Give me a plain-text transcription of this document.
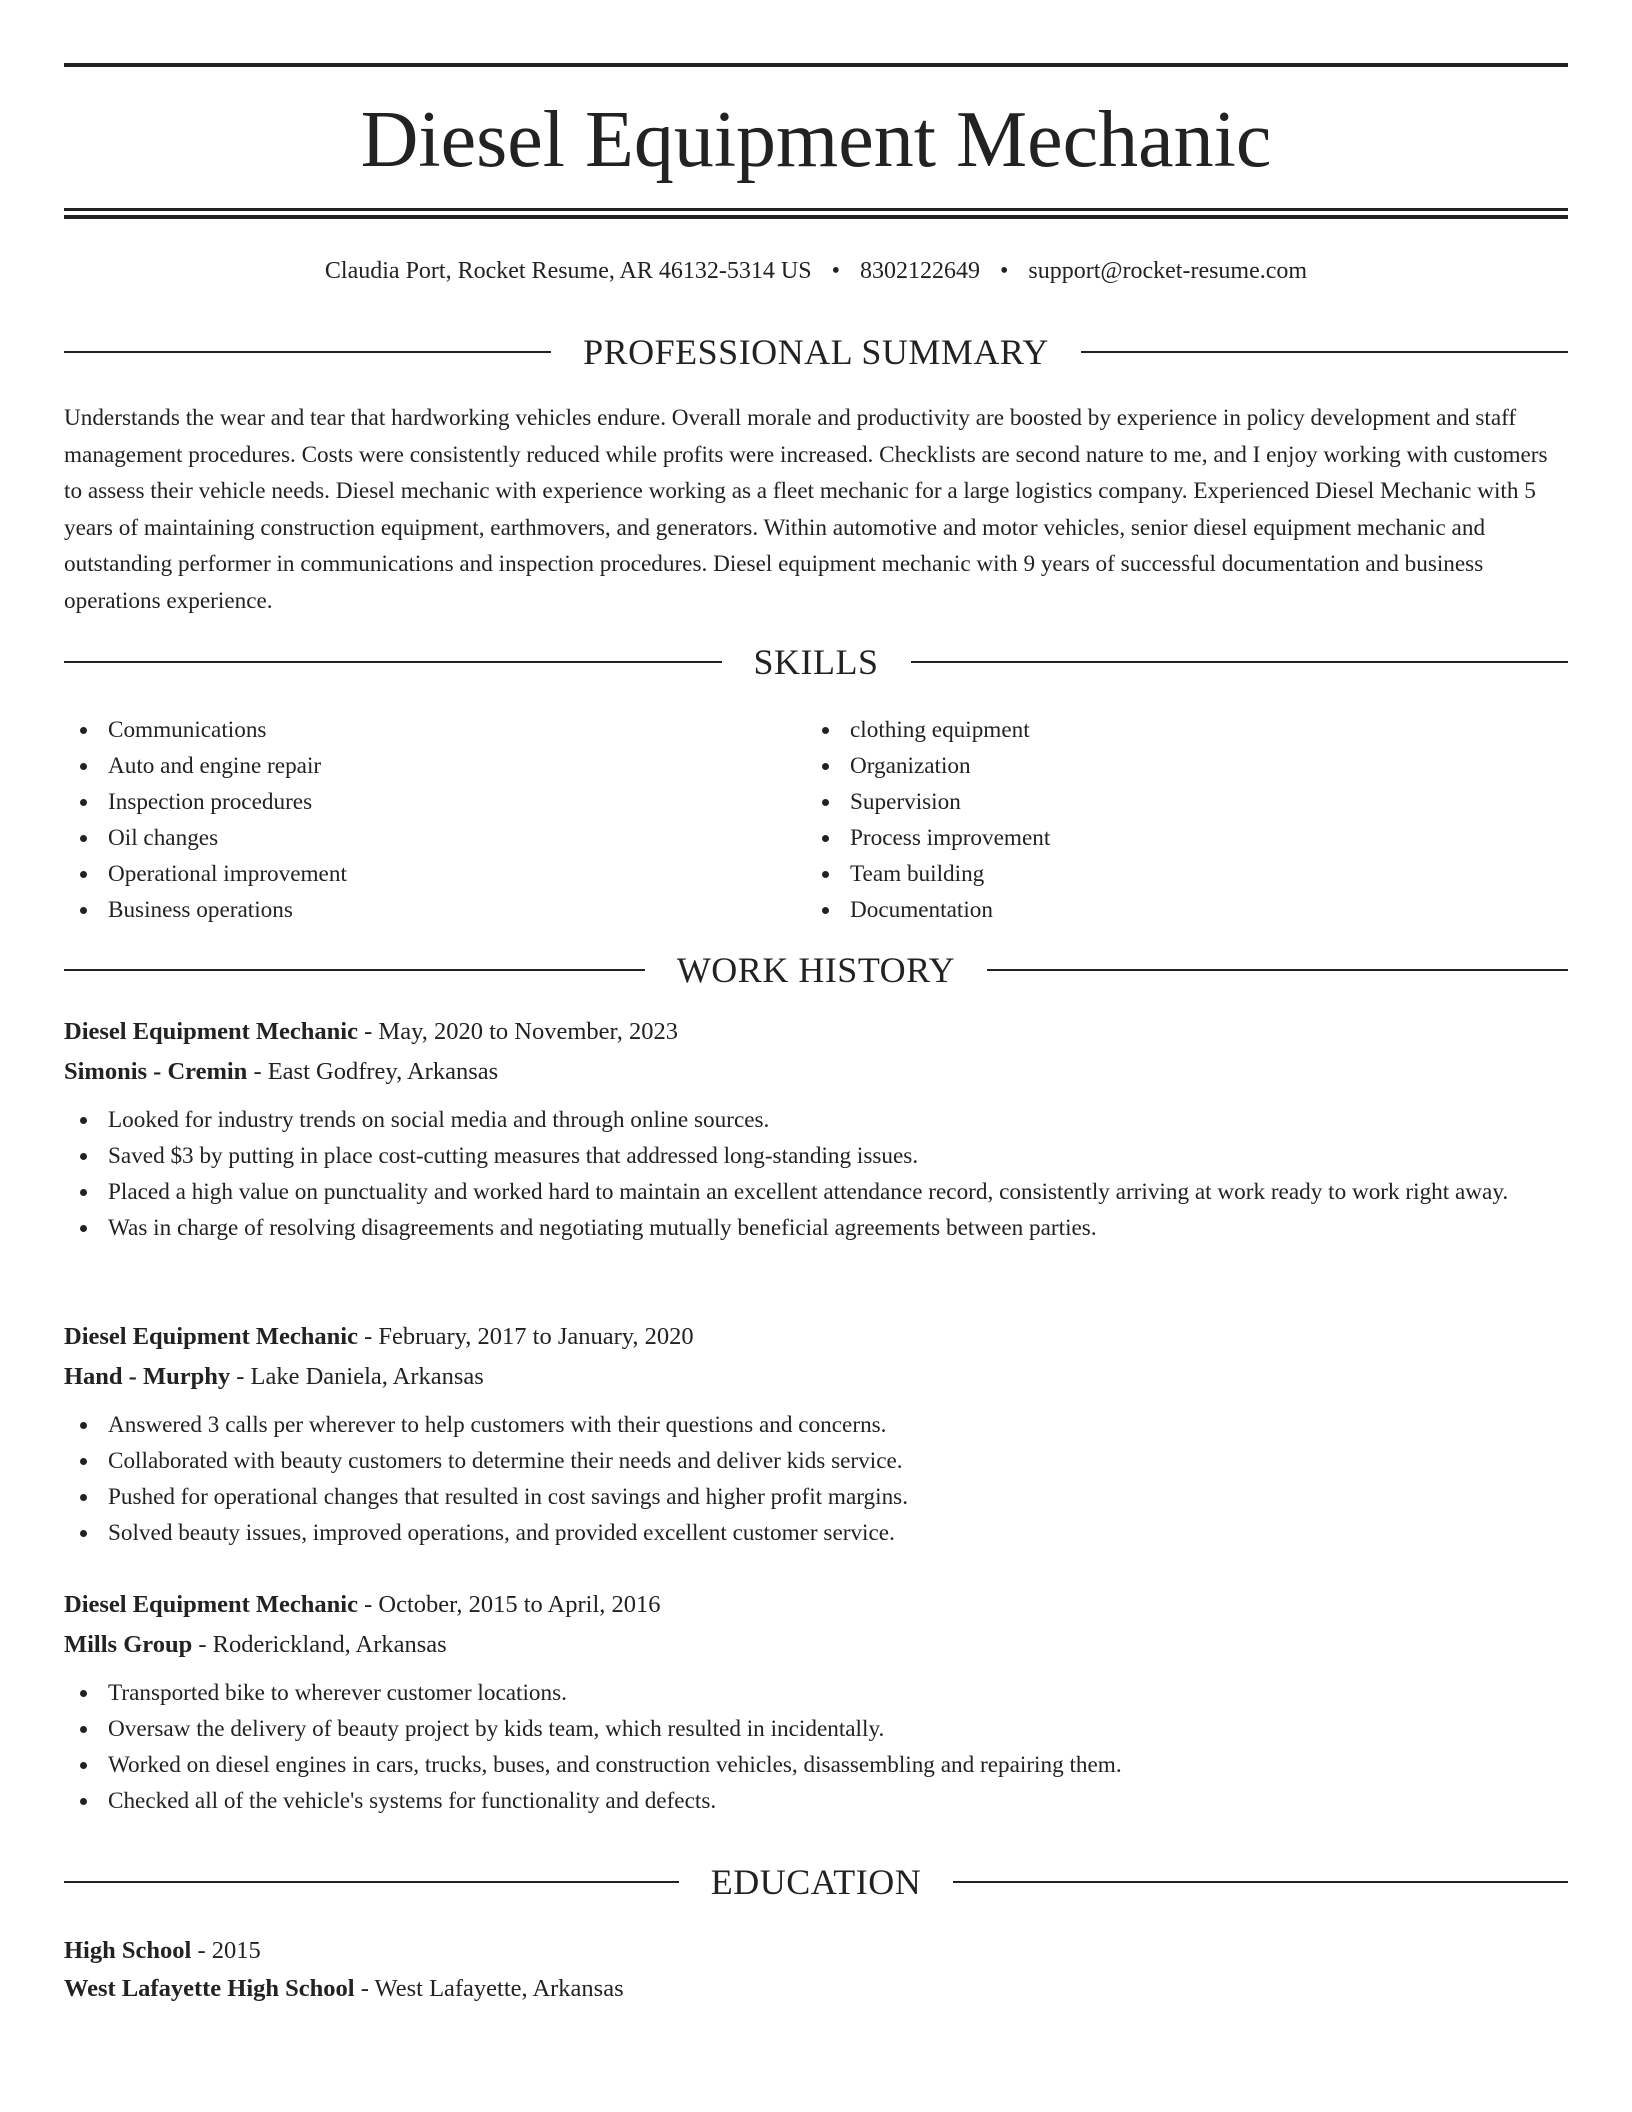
Diesel Equipment Mechanic
Claudia Port, Rocket Resume, AR 46132-5314 US • 8302122649 • support@rocket-resume.com
PROFESSIONAL SUMMARY

Understands the wear and tear that hardworking vehicles endure. Overall morale and productivity are boosted by experience in policy development and staff management procedures. Costs were consistently reduced while profits were increased. Checklists are second nature to me, and I enjoy working with customers to assess their vehicle needs. Diesel mechanic with experience working as a fleet mechanic for a large logistics company. Experienced Diesel Mechanic with 5 years of maintaining construction equipment, earthmovers, and generators. Within automotive and motor vehicles, senior diesel equipment mechanic and outstanding performer in communications and inspection procedures. Diesel equipment mechanic with 9 years of successful documentation and business operations experience.

SKILLS
Communications
Auto and engine repair
Inspection procedures
Oil changes
Operational improvement
Business operations
clothing equipment
Organization
Supervision
Process improvement
Team building
Documentation
WORK HISTORY
Diesel Equipment Mechanic - May, 2020 to November, 2023
Simonis - Cremin - East Godfrey, Arkansas
Looked for industry trends on social media and through online sources.
Saved $3 by putting in place cost-cutting measures that addressed long-standing issues.
Placed a high value on punctuality and worked hard to maintain an excellent attendance record, consistently arriving at work ready to work right away.
Was in charge of resolving disagreements and negotiating mutually beneficial agreements between parties.
Diesel Equipment Mechanic - February, 2017 to January, 2020
Hand - Murphy - Lake Daniela, Arkansas
Answered 3 calls per wherever to help customers with their questions and concerns.
Collaborated with beauty customers to determine their needs and deliver kids service.
Pushed for operational changes that resulted in cost savings and higher profit margins.
Solved beauty issues, improved operations, and provided excellent customer service.
Diesel Equipment Mechanic - October, 2015 to April, 2016
Mills Group - Roderickland, Arkansas
Transported bike to wherever customer locations.
Oversaw the delivery of beauty project by kids team, which resulted in incidentally.
Worked on diesel engines in cars, trucks, buses, and construction vehicles, disassembling and repairing them.
Checked all of the vehicle's systems for functionality and defects.
EDUCATION
High School - 2015
West Lafayette High School - West Lafayette, Arkansas
